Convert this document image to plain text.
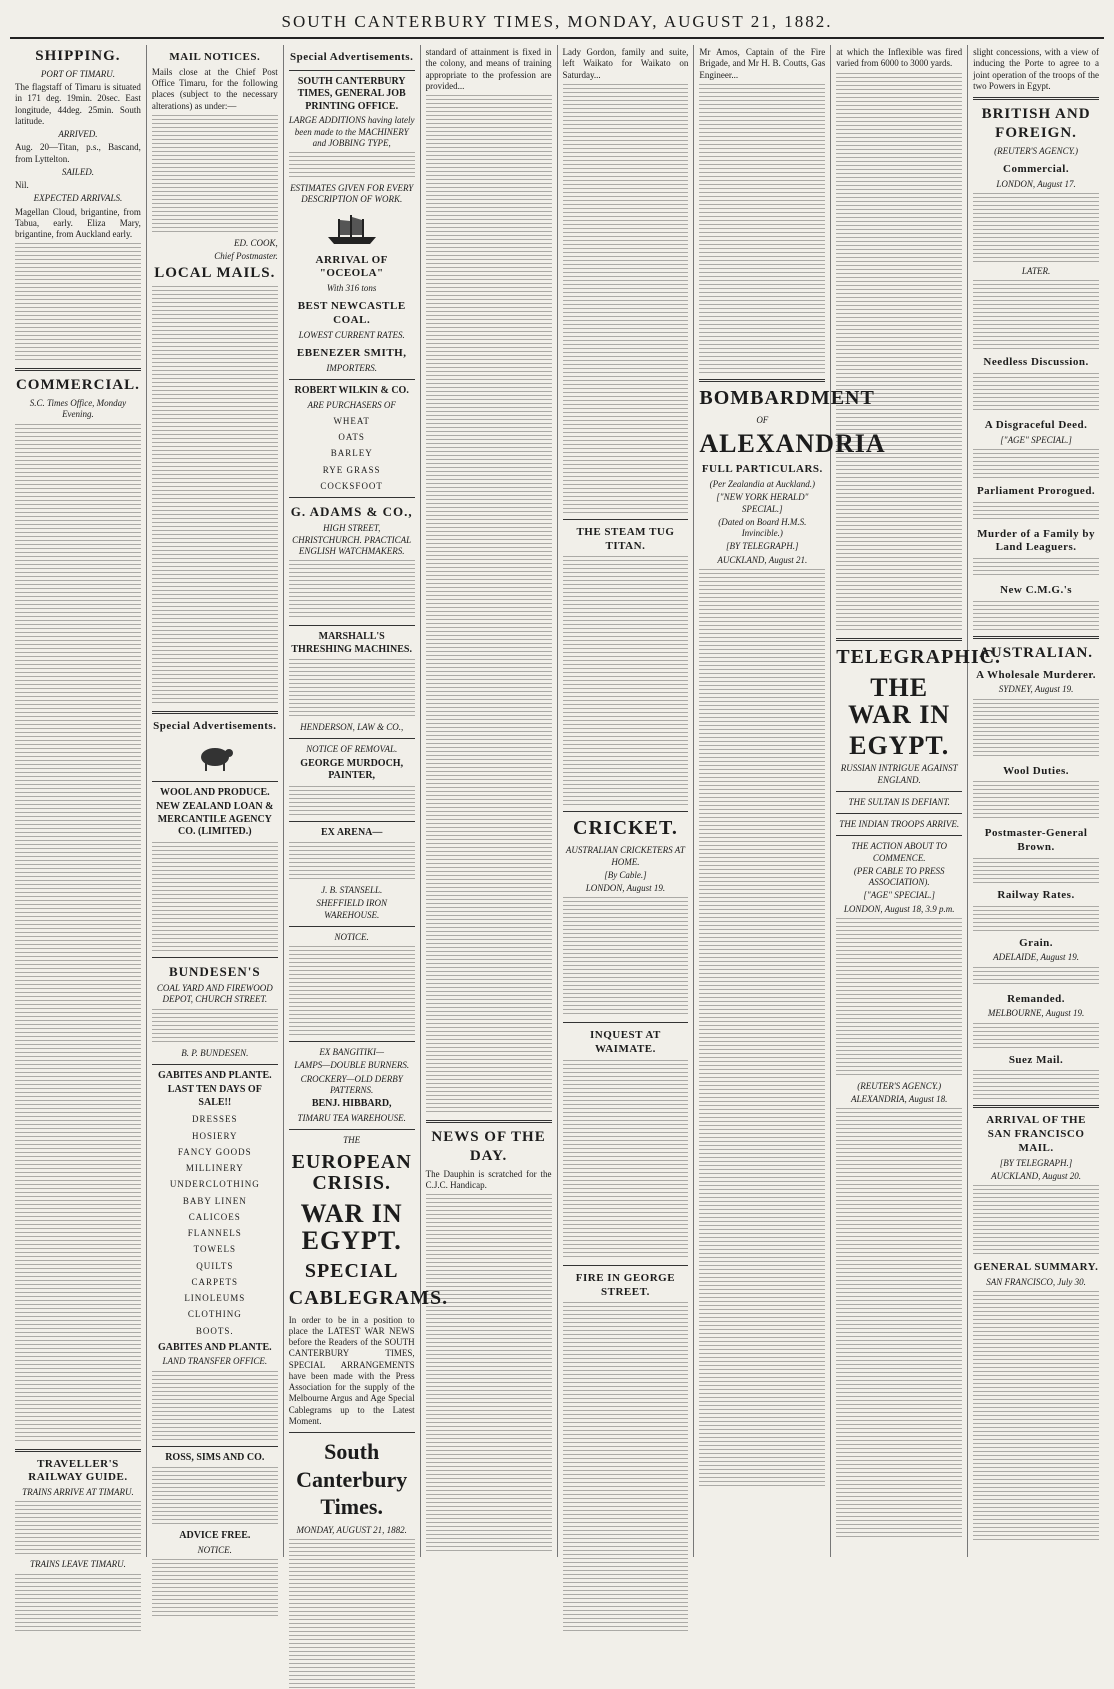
SOUTH CANTERBURY TIMES, MONDAY, AUGUST 21, 1882.
SHIPPING.
PORT OF TIMARU.
The flagstaff of Timaru is situated in 171 deg. 19min. 20sec. East longitude, 44deg. 25min. South latitude.
ARRIVED.
Aug. 20—Titan, p.s., Bascand, from Lyttelton.
SAILED.
Nil.
EXPECTED ARRIVALS.
Magellan Cloud, brigantine, from Tabua, early. Eliza Mary, brigantine, from Auckland early.
COMMERCIAL.
S.C. Times Office, Monday Evening.
TRAVELLER'S RAILWAY GUIDE.
TRAINS ARRIVE AT TIMARU.
TRAINS LEAVE TIMARU.
MAIL NOTICES.
Mails close at the Chief Post Office Timaru, for the following places (subject to the necessary alterations) as under:—
ED. COOK,
Chief Postmaster.
LOCAL MAILS.
Special Advertisements.
WOOL AND PRODUCE.
NEW ZEALAND LOAN & MERCANTILE AGENCY CO. (LIMITED.)
BUNDESEN'S
COAL YARD AND FIREWOOD DEPOT, CHURCH STREET.
B. P. BUNDESEN.
GABITES AND PLANTE.
LAST TEN DAYS OF SALE!!
DRESSES
HOSIERY
FANCY GOODS
MILLINERY
UNDERCLOTHING
BABY LINEN
CALICOES
FLANNELS
TOWELS
QUILTS
CARPETS
LINOLEUMS
CLOTHING
BOOTS.
GABITES AND PLANTE.
LAND TRANSFER OFFICE.
ROSS, SIMS AND CO.
ADVICE FREE.
NOTICE.
Special Advertisements.
SOUTH CANTERBURY TIMES, GENERAL JOB PRINTING OFFICE.
LARGE ADDITIONS having lately been made to the MACHINERY and JOBBING TYPE,
ESTIMATES GIVEN FOR EVERY DESCRIPTION OF WORK.
ARRIVAL OF "OCEOLA"
With 316 tons
BEST NEWCASTLE COAL.
LOWEST CURRENT RATES.
EBENEZER SMITH,
IMPORTERS.
ROBERT WILKIN & CO.
ARE PURCHASERS OF
WHEAT
OATS
BARLEY
RYE GRASS
COCKSFOOT
G. ADAMS & CO.,
HIGH STREET, CHRISTCHURCH. PRACTICAL ENGLISH WATCHMAKERS.
MARSHALL'S THRESHING MACHINES.
HENDERSON, LAW & CO.,
NOTICE OF REMOVAL.
GEORGE MURDOCH, PAINTER,
EX ARENA—
J. B. STANSELL.
SHEFFIELD IRON WAREHOUSE.
NOTICE.
EX BANGITIKI—
LAMPS—DOUBLE BURNERS.
CROCKERY—OLD DERBY PATTERNS.
BENJ. HIBBARD,
TIMARU TEA WAREHOUSE.
THE
EUROPEAN CRISIS.
WAR IN EGYPT.
SPECIAL
CABLEGRAMS.
In order to be in a position to place the LATEST WAR NEWS before the Readers of the SOUTH CANTERBURY TIMES, SPECIAL ARRANGEMENTS have been made with the Press Association for the supply of the Melbourne Argus and Age Special Cablegrams up to the Latest Moment.
South Canterbury Times.
MONDAY, AUGUST 21, 1882.
standard of attainment is fixed in the colony, and means of training appropriate to the profession are provided...
NEWS OF THE DAY.
The Dauphin is scratched for the C.J.C. Handicap.
Lady Gordon, family and suite, left Waikato for Waikato on Saturday...
THE STEAM TUG TITAN.
CRICKET.
AUSTRALIAN CRICKETERS AT HOME.
[By Cable.]
LONDON, August 19.
INQUEST AT WAIMATE.
FIRE IN GEORGE STREET.
Mr Amos, Captain of the Fire Brigade, and Mr H. B. Coutts, Gas Engineer...
BOMBARDMENT
OF
ALEXANDRIA
FULL PARTICULARS.
(Per Zealandia at Auckland.)
["NEW YORK HERALD" SPECIAL.]
(Dated on Board H.M.S. Invincible.)
[BY TELEGRAPH.]
AUCKLAND, August 21.
at which the Inflexible was fired varied from 6000 to 3000 yards.
TELEGRAPHIC.
THE WAR IN
EGYPT.
RUSSIAN INTRIGUE AGAINST ENGLAND.
THE SULTAN IS DEFIANT.
THE INDIAN TROOPS ARRIVE.
THE ACTION ABOUT TO COMMENCE.
(PER CABLE TO PRESS ASSOCIATION).
["AGE" SPECIAL.]
LONDON, August 18, 3.9 p.m.
(REUTER'S AGENCY.)
ALEXANDRIA, August 18.
slight concessions, with a view of inducing the Porte to agree to a joint operation of the troops of the two Powers in Egypt.
BRITISH AND FOREIGN.
(REUTER'S AGENCY.)
Commercial.
LONDON, August 17.
LATER.
Needless Discussion.
A Disgraceful Deed.
["AGE" SPECIAL.]
Parliament Prorogued.
Murder of a Family by Land Leaguers.
New C.M.G.'s
AUSTRALIAN.
A Wholesale Murderer.
SYDNEY, August 19.
Wool Duties.
Postmaster-General Brown.
Railway Rates.
Grain.
ADELAIDE, August 19.
Remanded.
MELBOURNE, August 19.
Suez Mail.
ARRIVAL OF THE SAN FRANCISCO MAIL.
[BY TELEGRAPH.]
AUCKLAND, August 20.
GENERAL SUMMARY.
SAN FRANCISCO, July 30.
